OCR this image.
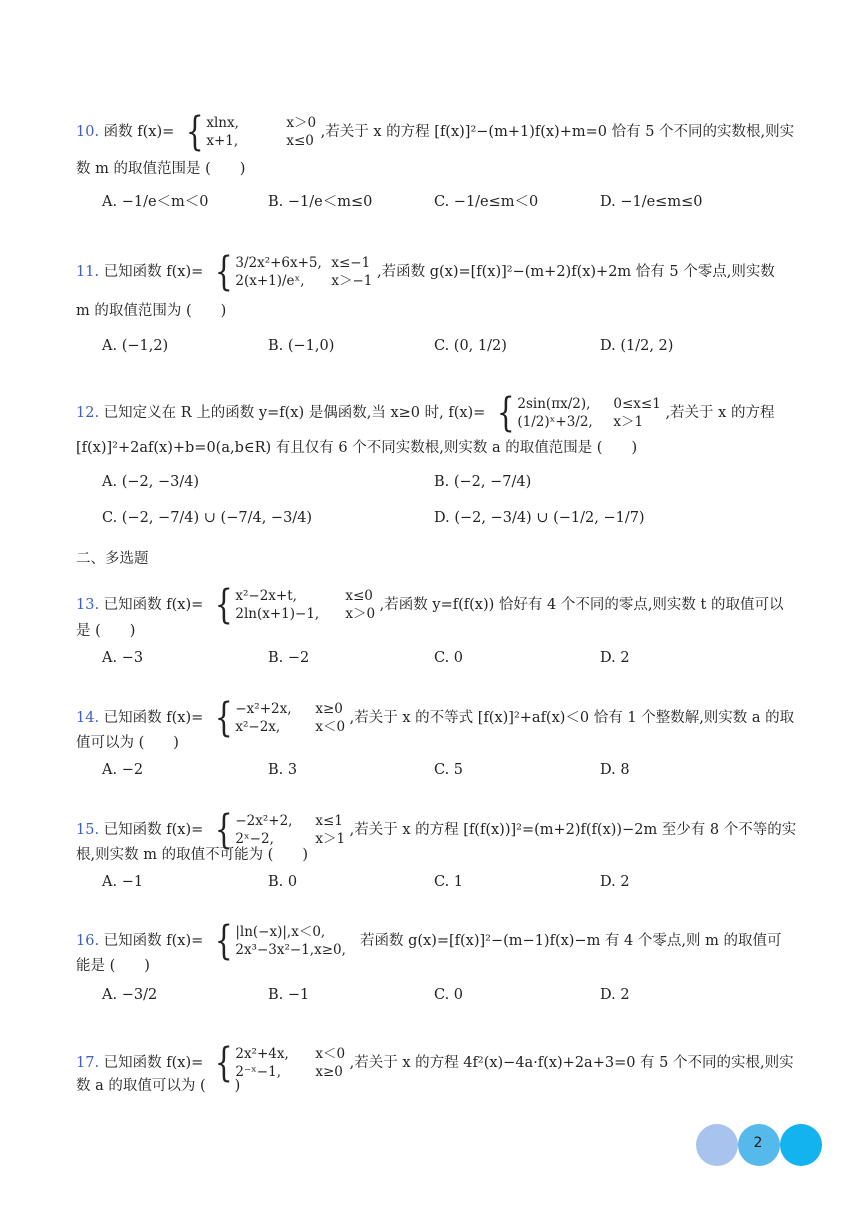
10. 函数 f(x)= { xlnx,	x＞0
x+1,	x≤0
,若关于 x 的方程 [f(x)]²−(m+1)f(x)+m=0 恰有 5 个不同的实数根,则实
数 m 的取值范围是 (　　)
A. −1/e＜m＜0	B. −1/e＜m≤0	C. −1/e≤m＜0	D. −1/e≤m≤0
11. 已知函数 f(x)= { 3/2x²+6x+5, x≤−1
2(x+1)/eˣ, x＞−1
,若函数 g(x)=[f(x)]²−(m+2)f(x)+2m 恰有 5 个零点,则实数
m 的取值范围为 (　　)
A. (−1,2)	B. (−1,0)	C. (0, 1/2)	D. (1/2, 2)
12. 已知定义在 R 上的函数 y=f(x) 是偶函数,当 x≥0 时, f(x)= { 2sin(πx/2), 0≤x≤1
(1/2)ˣ+3/2, x＞1
,若关于 x 的方程
[f(x)]²+2af(x)+b=0(a,b∈R) 有且仅有 6 个不同实数根,则实数 a 的取值范围是 (　　)
A. (−2, −3/4)	B. (−2, −7/4)
C. (−2, −7/4) ∪ (−7/4, −3/4)	D. (−2, −3/4) ∪ (−1/2, −1/7)
二、多选题
13. 已知函数 f(x)= { x²−2x+t,	x≤0
2ln(x+1)−1, x＞0
,若函数 y=f(f(x)) 恰好有 4 个不同的零点,则实数 t 的取值可以
是 (　　)
A. −3	B. −2	C. 0	D. 2
14. 已知函数 f(x)= { −x²+2x, x≥0
x²−2x,	x＜0
,若关于 x 的不等式 [f(x)]²+af(x)＜0 恰有 1 个整数解,则实数 a 的取
值可以为 (　　)
A. −2	B. 3	C. 5	D. 8
15. 已知函数 f(x)= { −2x²+2, x≤1
2ˣ−2,	x＞1
,若关于 x 的方程 [f(f(x))]²=(m+2)f(f(x))−2m 至少有 8 个不等的实
根,则实数 m 的取值不可能为 (　　)
A. −1	B. 0	C. 1	D. 2
16. 已知函数 f(x)= { |ln(−x)|,x＜0,
2x³−3x²−1,x≥0,
若函数 g(x)=[f(x)]²−(m−1)f(x)−m 有 4 个零点,则 m 的取值可
能是 (　　)
A. −3/2	B. −1	C. 0	D. 2
17. 已知函数 f(x)= { 2x²+4x, x＜0
2⁻ˣ−1,	x≥0
,若关于 x 的方程 4f²(x)−4a·f(x)+2a+3=0 有 5 个不同的实根,则实
数 a 的取值可以为 (　　)
2
